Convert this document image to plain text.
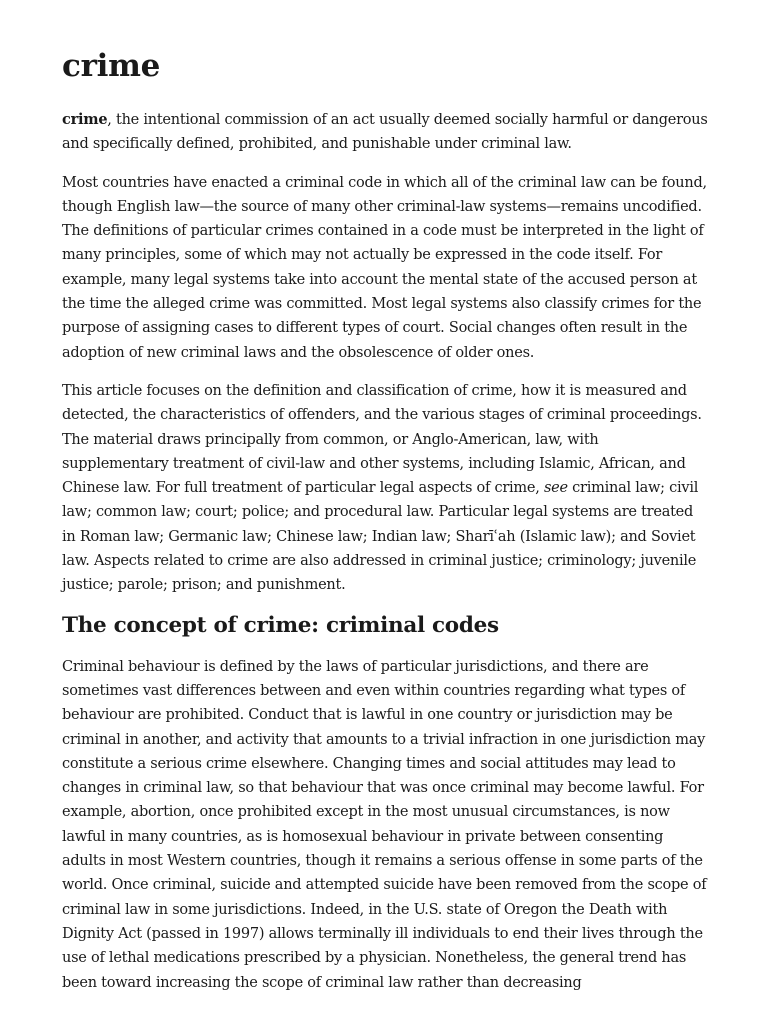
crime

crime, the intentional commission of an act usually deemed socially harmful or dangerous and specifically defined, prohibited, and punishable under criminal law.

Most countries have enacted a criminal code in which all of the criminal law can be found, though English law—the source of many other criminal-law systems—remains uncodified. The definitions of particular crimes contained in a code must be interpreted in the light of many principles, some of which may not actually be expressed in the code itself. For example, many legal systems take into account the mental state of the accused person at the time the alleged crime was committed. Most legal systems also classify crimes for the purpose of assigning cases to different types of court. Social changes often result in the adoption of new criminal laws and the obsolescence of older ones.

This article focuses on the definition and classification of crime, how it is measured and detected, the characteristics of offenders, and the various stages of criminal proceedings. The material draws principally from common, or Anglo-American, law, with supplementary treatment of civil-law and other systems, including Islamic, African, and Chinese law. For full treatment of particular legal aspects of crime, see criminal law; civil law; common law; court; police; and procedural law. Particular legal systems are treated in Roman law; Germanic law; Chinese law; Indian law; Sharīʿah (Islamic law); and Soviet law. Aspects related to crime are also addressed in criminal justice; criminology; juvenile justice; parole; prison; and punishment.

The concept of crime: criminal codes

Criminal behaviour is defined by the laws of particular jurisdictions, and there are sometimes vast differences between and even within countries regarding what types of behaviour are prohibited. Conduct that is lawful in one country or jurisdiction may be criminal in another, and activity that amounts to a trivial infraction in one jurisdiction may constitute a serious crime elsewhere. Changing times and social attitudes may lead to changes in criminal law, so that behaviour that was once criminal may become lawful. For example, abortion, once prohibited except in the most unusual circumstances, is now lawful in many countries, as is homosexual behaviour in private between consenting adults in most Western countries, though it remains a serious offense in some parts of the world. Once criminal, suicide and attempted suicide have been removed from the scope of criminal law in some jurisdictions. Indeed, in the U.S. state of Oregon the Death with Dignity Act (passed in 1997) allows terminally ill individuals to end their lives through the use of lethal medications prescribed by a physician. Nonetheless, the general trend has been toward increasing the scope of criminal law rather than decreasing
